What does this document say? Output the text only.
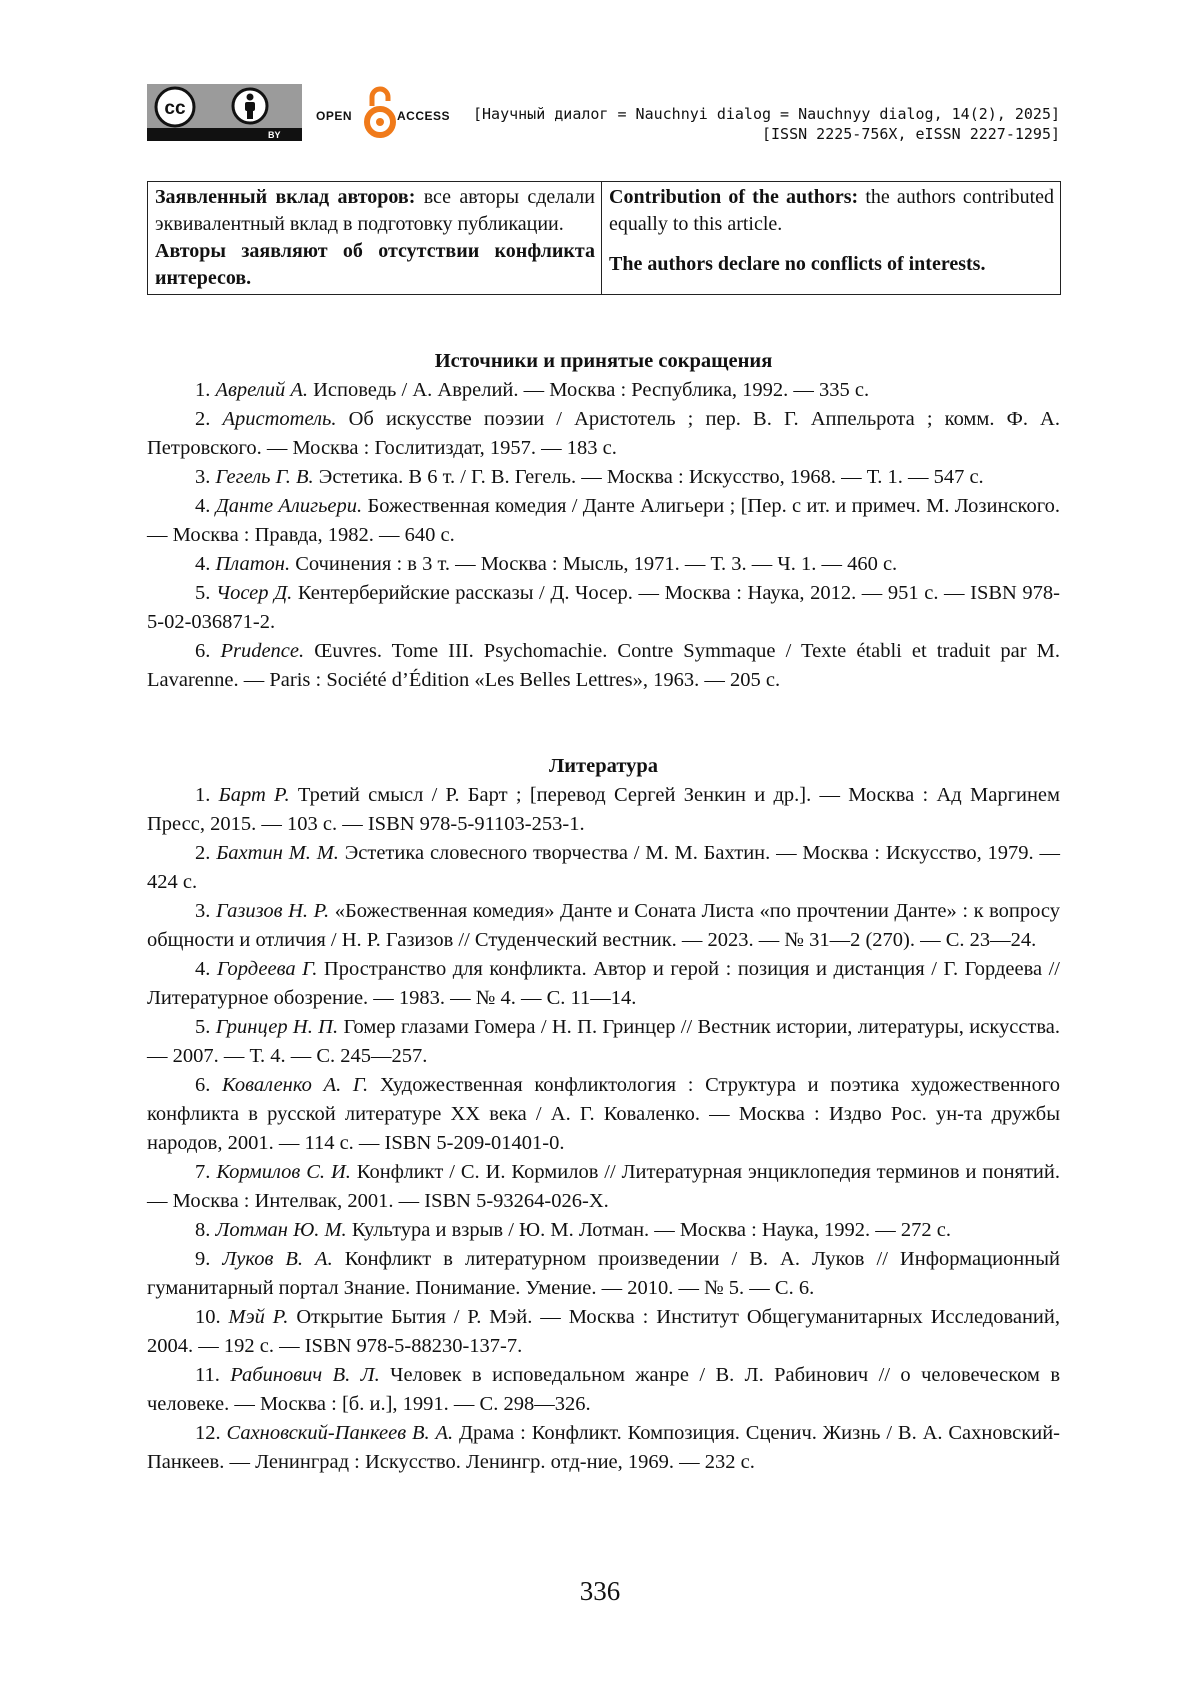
cc
BY
OPEN	ACCESS [Научный диалог = Nauchnyi dialog = Nauchnyy dialog, 14(2), 2025]
[ISSN 2225-756X, eISSN 2227-1295]
Заявленный вклад авторов: все авторы сделали эквивалентный вклад в подготовку публикации.
Авторы заявляют об отсутствии конфликта интересов.

Contribution of the authors: the authors contributed equally to this article.
The authors declare no conflicts of interests.
Источники и принятые сокращения

1. Аврелий А. Исповедь / А. Аврелий. — Москва : Республика, 1992. — 335 с.

2. Аристотель. Об искусстве поэзии / Аристотель ; пер. В. Г. Аппельрота ; комм. Ф. А. Петровского. — Москва : Гослитиздат, 1957. — 183 с.

3. Гегель Г. В. Эстетика. В 6 т. / Г. В. Гегель. — Москва : Искусство, 1968. — Т. 1. — 547 с.

4. Данте Алигьери. Божественная комедия / Данте Алигьери ; [Пер. с ит. и примеч. М. Лозинского. — Москва : Правда, 1982. — 640 с.

4. Платон. Сочинения : в 3 т. — Москва : Мысль, 1971. — Т. 3. — Ч. 1. — 460 с.

5. Чосер Д. Кентерберийские рассказы / Д. Чосер. — Москва : Наука, 2012. — 951 с. — ISBN 978-5-02-036871-2.

6. Prudence. Œuvres. Tome III. Psychomachie. Contre Symmaque / Texte établi et traduit par M. Lavarenne. — Paris : Société d’Édition «Les Belles Lettres», 1963. — 205 с.

Литература

1. Барт Р. Третий смысл / Р. Барт ; [перевод Сергей Зенкин и др.]. — Москва : Ад Маргинем Пресс, 2015. — 103 с. — ISBN 978-5-91103-253-1.

2. Бахтин М. М. Эстетика словесного творчества / М. М. Бахтин. — Москва : Искусство, 1979. — 424 с.

3. Газизов Н. Р. «Божественная комедия» Данте и Соната Листа «по прочтении Данте» : к вопросу общности и отличия / Н. Р. Газизов // Студенческий вестник. — 2023. — № 31—2 (270). — С. 23—24.

4. Гордеева Г. Пространство для конфликта. Автор и герой : позиция и дистанция / Г. Гордеева // Литературное обозрение. — 1983. — № 4. — С. 11—14.

5. Гринцер Н. П. Гомер глазами Гомера / Н. П. Гринцер // Вестник истории, литературы, искусства. — 2007. — Т. 4. — С. 245—257.

6. Коваленко А. Г. Художественная конфликтология : Структура и поэтика художественного конфликта в русской литературе XX века / А. Г. Коваленко. — Москва : Издво Рос. ун-та дружбы народов, 2001. — 114 с. — ISBN 5-209-01401-0.

7. Кормилов С. И. Конфликт / С. И. Кормилов // Литературная энциклопедия терминов и понятий. — Москва : Интелвак, 2001. — ISBN 5-93264-026-X.

8. Лотман Ю. М. Культура и взрыв / Ю. М. Лотман. — Москва : Наука, 1992. — 272 с.

9. Луков В. А. Конфликт в литературном произведении / В. А. Луков // Информационный гуманитарный портал Знание. Понимание. Умение. — 2010. — № 5. — С. 6.

10. Мэй Р. Открытие Бытия / Р. Мэй. — Москва : Институт Общегуманитарных Исследований, 2004. — 192 с. — ISBN 978-5-88230-137-7.

11. Рабинович В. Л. Человек в исповедальном жанре / В. Л. Рабинович // о человеческом в человеке. — Москва : [б. и.], 1991. — С. 298—326.

12. Сахновский-Панкеев В. А. Драма : Конфликт. Композиция. Сценич. Жизнь / В. А. Сахновский-Панкеев. — Ленинград : Искусство. Ленингр. отд-ние, 1969. — 232 с.

336
